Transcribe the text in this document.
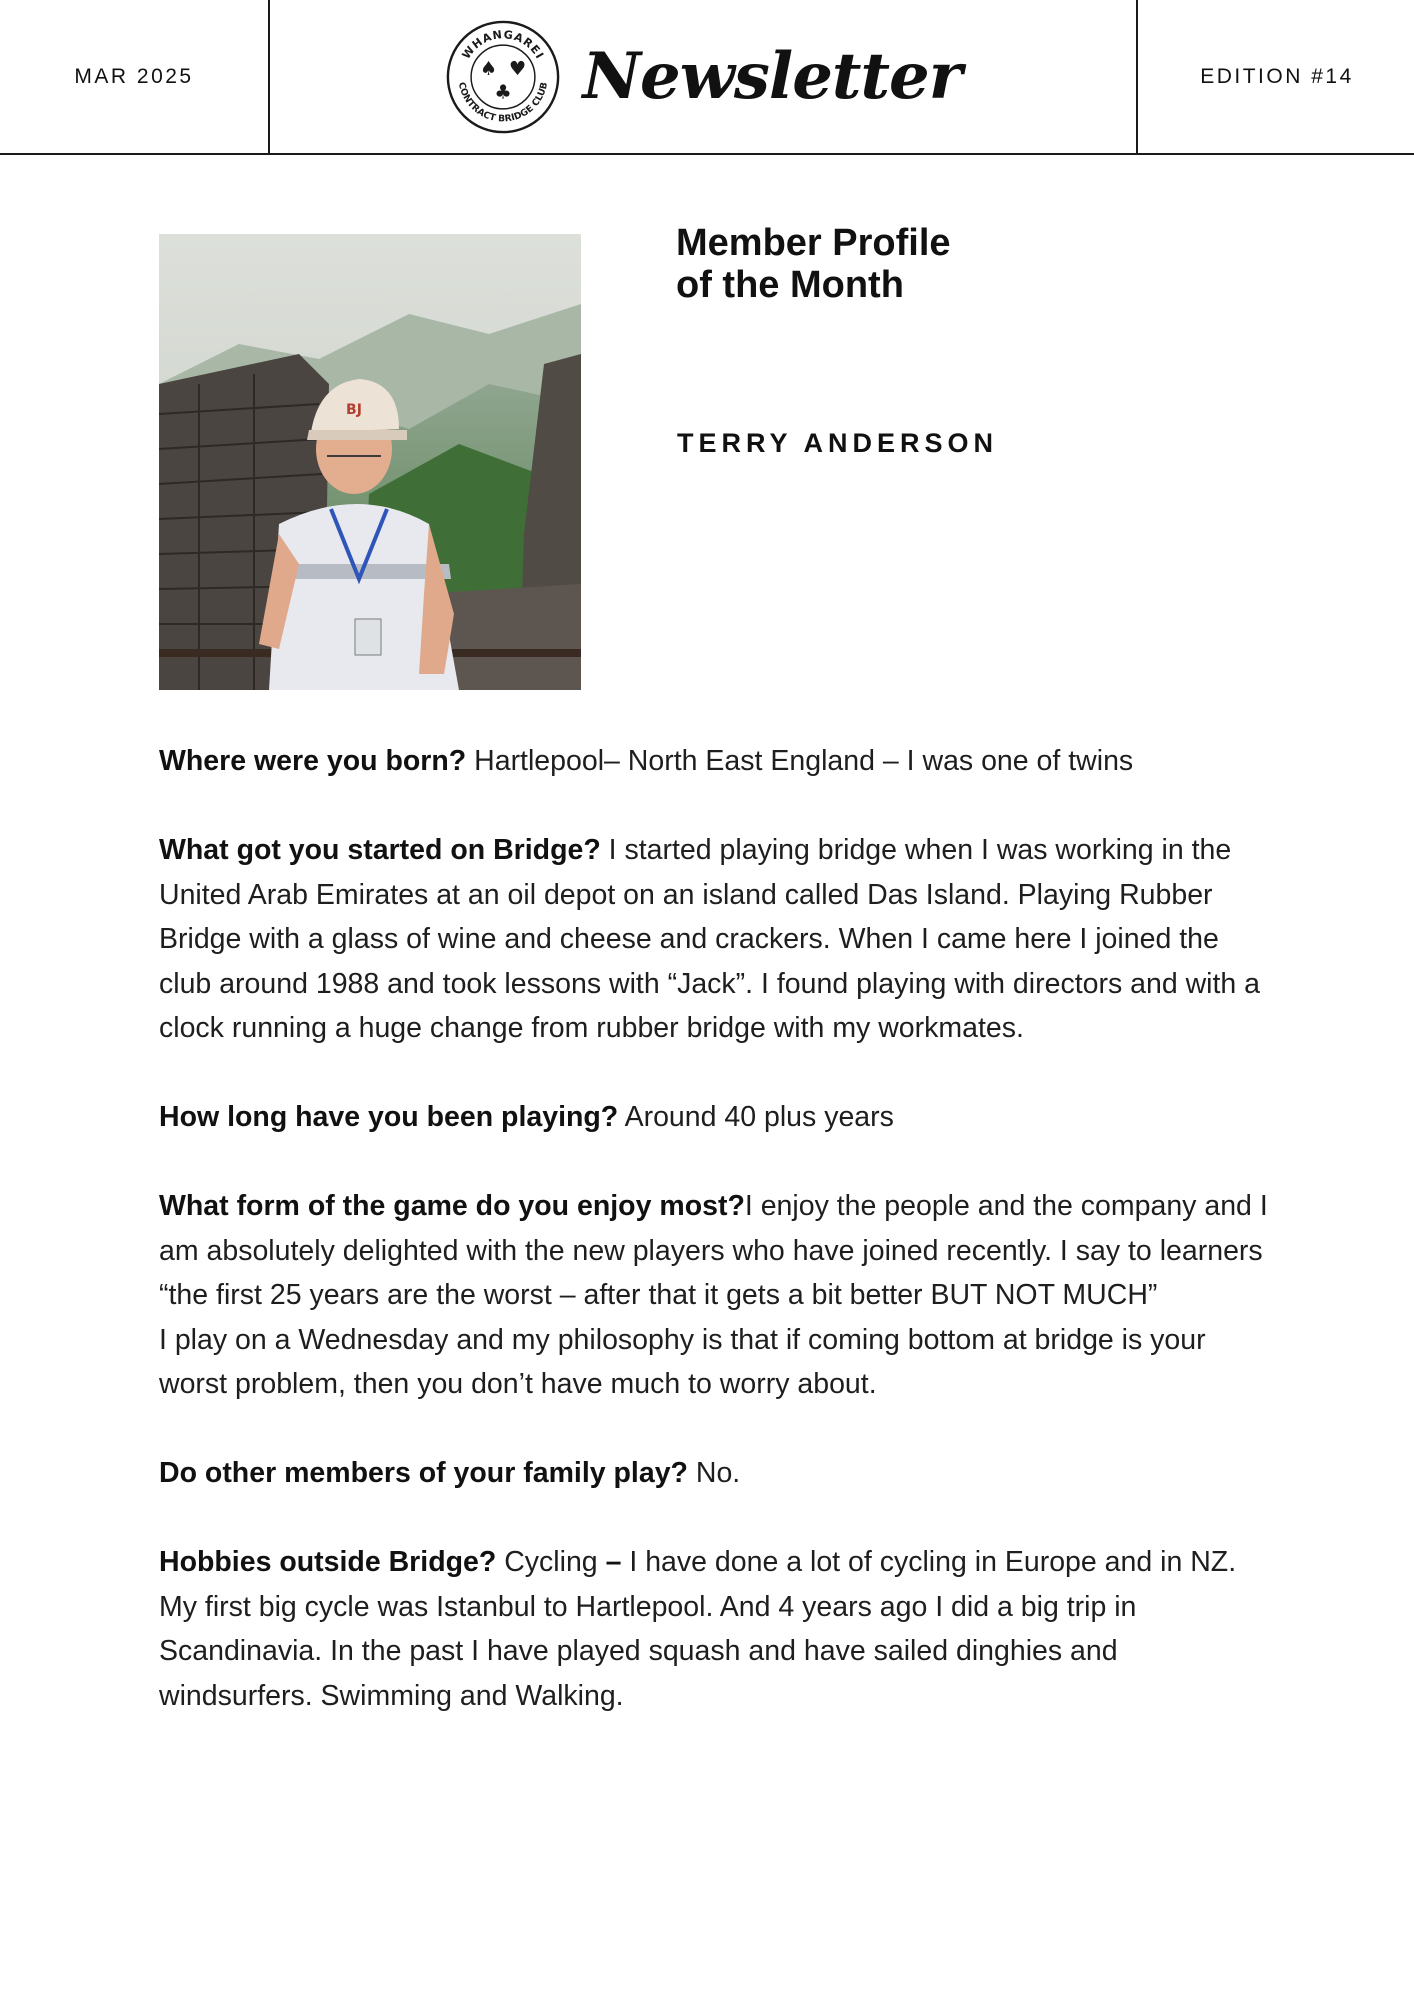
MAR 2025
WHANGAREI
CONTRACT BRIDGE CLUB
♠ ♥
♣ Newsletter	EDITION #14
BJ
Member Profile
of the Month
TERRY ANDERSON

Where were you born? Hartlepool– North East England – I was one of twins

What got you started on Bridge? I started playing bridge when I was working in the United Arab Emirates at an oil depot on an island called Das Island. Playing Rubber Bridge with a glass of wine and cheese and crackers. When I came here I joined the club around 1988 and took lessons with “Jack”. I found playing with directors and with a clock running a huge change from rubber bridge with my workmates.

How long have you been playing? Around 40 plus years

What form of the game do you enjoy most?I enjoy the people and the company and I am absolutely delighted with the new players who have joined recently. I say to learners “the first 25 years are the worst – after that it gets a bit better BUT NOT MUCH”
I play on a Wednesday and my philosophy is that if coming bottom at bridge is your worst problem, then you don’t have much to worry about.

Do other members of your family play? No.

Hobbies outside Bridge? Cycling – I have done a lot of cycling in Europe and in NZ. My first big cycle was Istanbul to Hartlepool. And 4 years ago I did a big trip in Scandinavia. In the past I have played squash and have sailed dinghies and windsurfers. Swimming and Walking.
